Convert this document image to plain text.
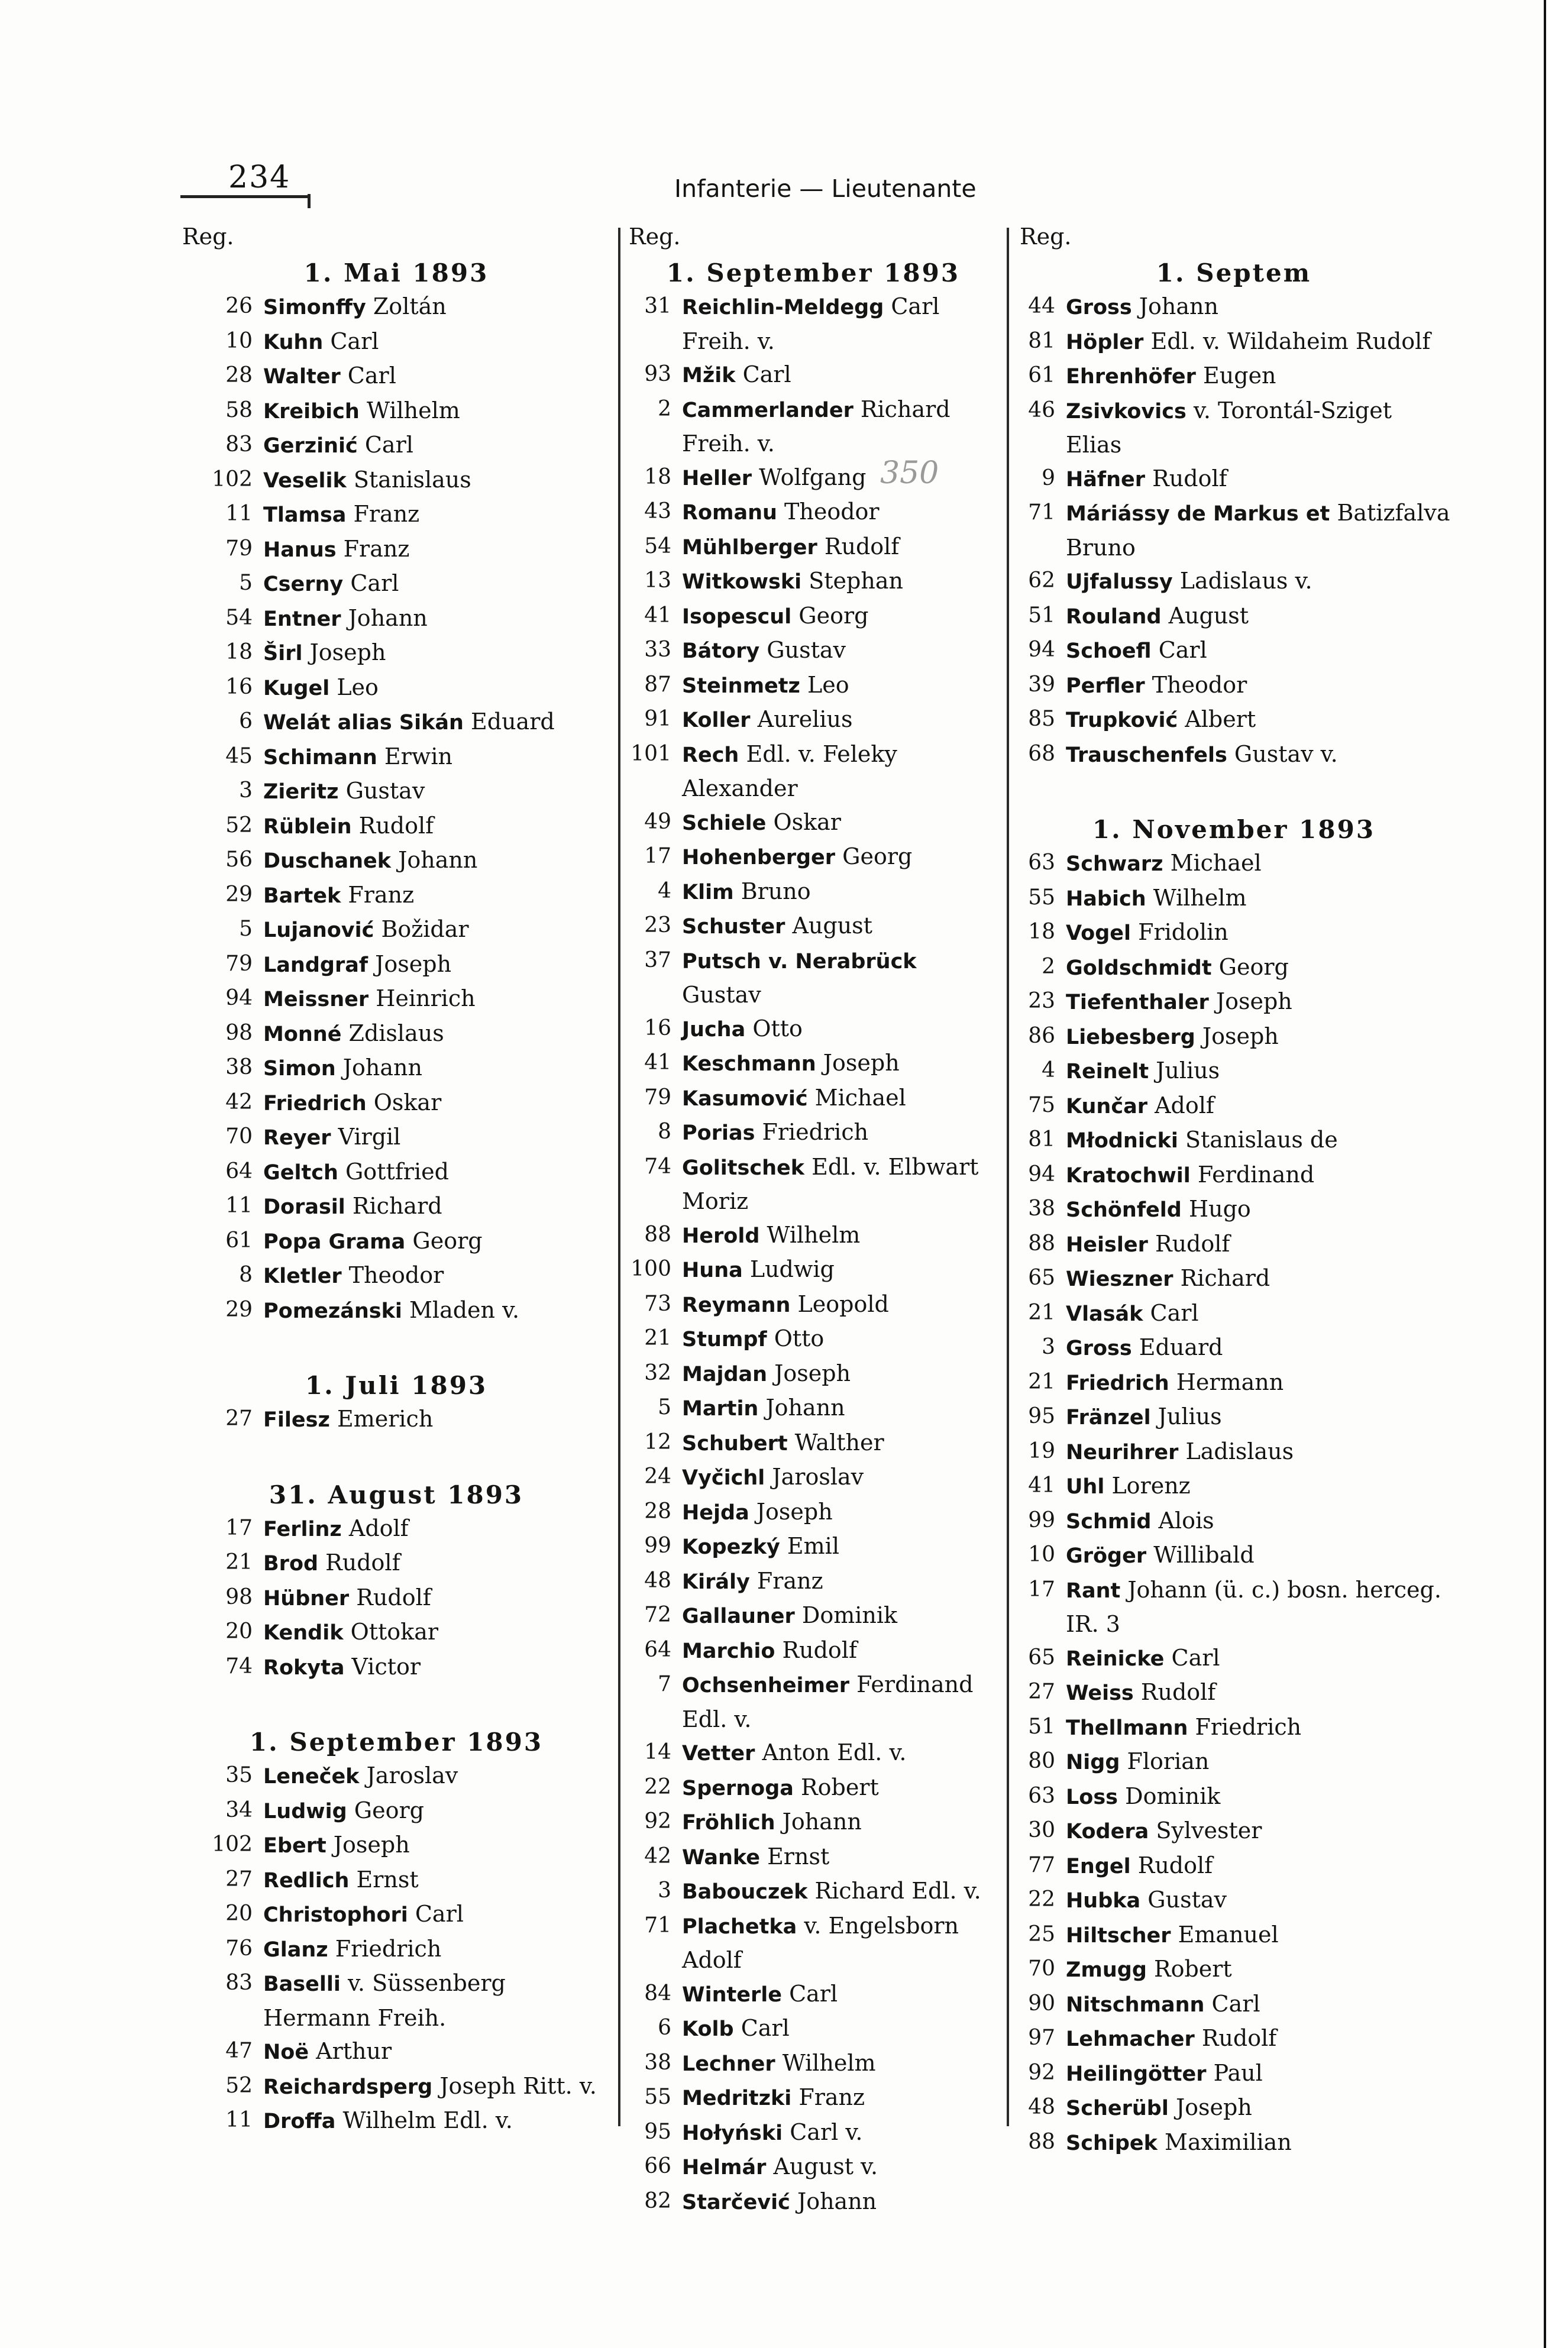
234	Infanterie — Lieutenante
350
Reg.
1. Mai 1893
26 Simonffy Zoltán
10 Kuhn Carl
28 Walter Carl
58 Kreibich Wilhelm
83 Gerzinić Carl
102 Veselik Stanislaus
11 Tlamsa Franz
79 Hanus Franz
5 Cserny Carl
54 Entner Johann
18 Širl Joseph
16 Kugel Leo
6 Welát alias Sikán Eduard
45 Schimann Erwin
3 Zieritz Gustav
52 Rüblein Rudolf
56 Duschanek Johann
29 Bartek Franz
5 Lujanović Božidar
79 Landgraf Joseph
94 Meissner Heinrich
98 Monné Zdislaus
38 Simon Johann
42 Friedrich Oskar
70 Reyer Virgil
64 Geltch Gottfried
11 Dorasil Richard
61 Popa Grama Georg
8 Kletler Theodor
29 Pomezánski Mladen v.
1. Juli 1893
27 Filesz Emerich
31. August 1893
17 Ferlinz Adolf
21 Brod Rudolf
98 Hübner Rudolf
20 Kendik Ottokar
74 Rokyta Victor
1. September 1893
35 Leneček Jaroslav
34 Ludwig Georg
102 Ebert Joseph
27 Redlich Ernst
20 Christophori Carl
76 Glanz Friedrich
83 Baselli v. Süssenberg Hermann Freih.
47 Noë Arthur
52 Reichardsperg Joseph Ritt. v.
11 Droffa Wilhelm Edl. v.
Reg.
1. September 1893
31 Reichlin-Meldegg Carl Freih. v.
93 Mžik Carl
2 Cammerlander Richard Freih. v.
18 Heller Wolfgang
43 Romanu Theodor
54 Mühlberger Rudolf
13 Witkowski Stephan
41 Isopescul Georg
33 Bátory Gustav
87 Steinmetz Leo
91 Koller Aurelius
101 Rech Edl. v. Feleky Alexander
49 Schiele Oskar
17 Hohenberger Georg
4 Klim Bruno
23 Schuster August
37 Putsch v. Nerabrück Gustav
16 Jucha Otto
41 Keschmann Joseph
79 Kasumović Michael
8 Porias Friedrich
74 Golitschek Edl. v. Elbwart Moriz
88 Herold Wilhelm
100 Huna Ludwig
73 Reymann Leopold
21 Stumpf Otto
32 Majdan Joseph
5 Martin Johann
12 Schubert Walther
24 Vyčichl Jaroslav
28 Hejda Joseph
99 Kopezký Emil
48 Király Franz
72 Gallauner Dominik
64 Marchio Rudolf
7 Ochsenheimer Ferdinand Edl. v.
14 Vetter Anton Edl. v.
22 Spernoga Robert
92 Fröhlich Johann
42 Wanke Ernst
3 Babouczek Richard Edl. v.
71 Plachetka v. Engelsborn Adolf
84 Winterle Carl
6 Kolb Carl
38 Lechner Wilhelm
55 Medritzki Franz
95 Hołyński Carl v.
66 Helmár August v.
82 Starčević Johann
Reg.
1. Septem
44 Gross Johann
81 Höpler Edl. v. Wildaheim Rudolf
61 Ehrenhöfer Eugen
46 Zsivkovics v. Torontál-Sziget Elias
9 Häfner Rudolf
71 Máriássy de Markus et Batizfalva Bruno
62 Ujfalussy Ladislaus v.
51 Rouland August
94 Schoefl Carl
39 Perfler Theodor
85 Trupković Albert
68 Trauschenfels Gustav v.
1. November 1893
63 Schwarz Michael
55 Habich Wilhelm
18 Vogel Fridolin
2 Goldschmidt Georg
23 Tiefenthaler Joseph
86 Liebesberg Joseph
4 Reinelt Julius
75 Kunčar Adolf
81 Młodnicki Stanislaus de
94 Kratochwil Ferdinand
38 Schönfeld Hugo
88 Heisler Rudolf
65 Wieszner Richard
21 Vlasák Carl
3 Gross Eduard
21 Friedrich Hermann
95 Fränzel Julius
19 Neurihrer Ladislaus
41 Uhl Lorenz
99 Schmid Alois
10 Gröger Willibald
17 Rant Johann (ü. c.) bosn. herceg. IR. 3
65 Reinicke Carl
27 Weiss Rudolf
51 Thellmann Friedrich
80 Nigg Florian
63 Loss Dominik
30 Kodera Sylvester
77 Engel Rudolf
22 Hubka Gustav
25 Hiltscher Emanuel
70 Zmugg Robert
90 Nitschmann Carl
97 Lehmacher Rudolf
92 Heilingötter Paul
48 Scherübl Joseph
88 Schipek Maximilian
